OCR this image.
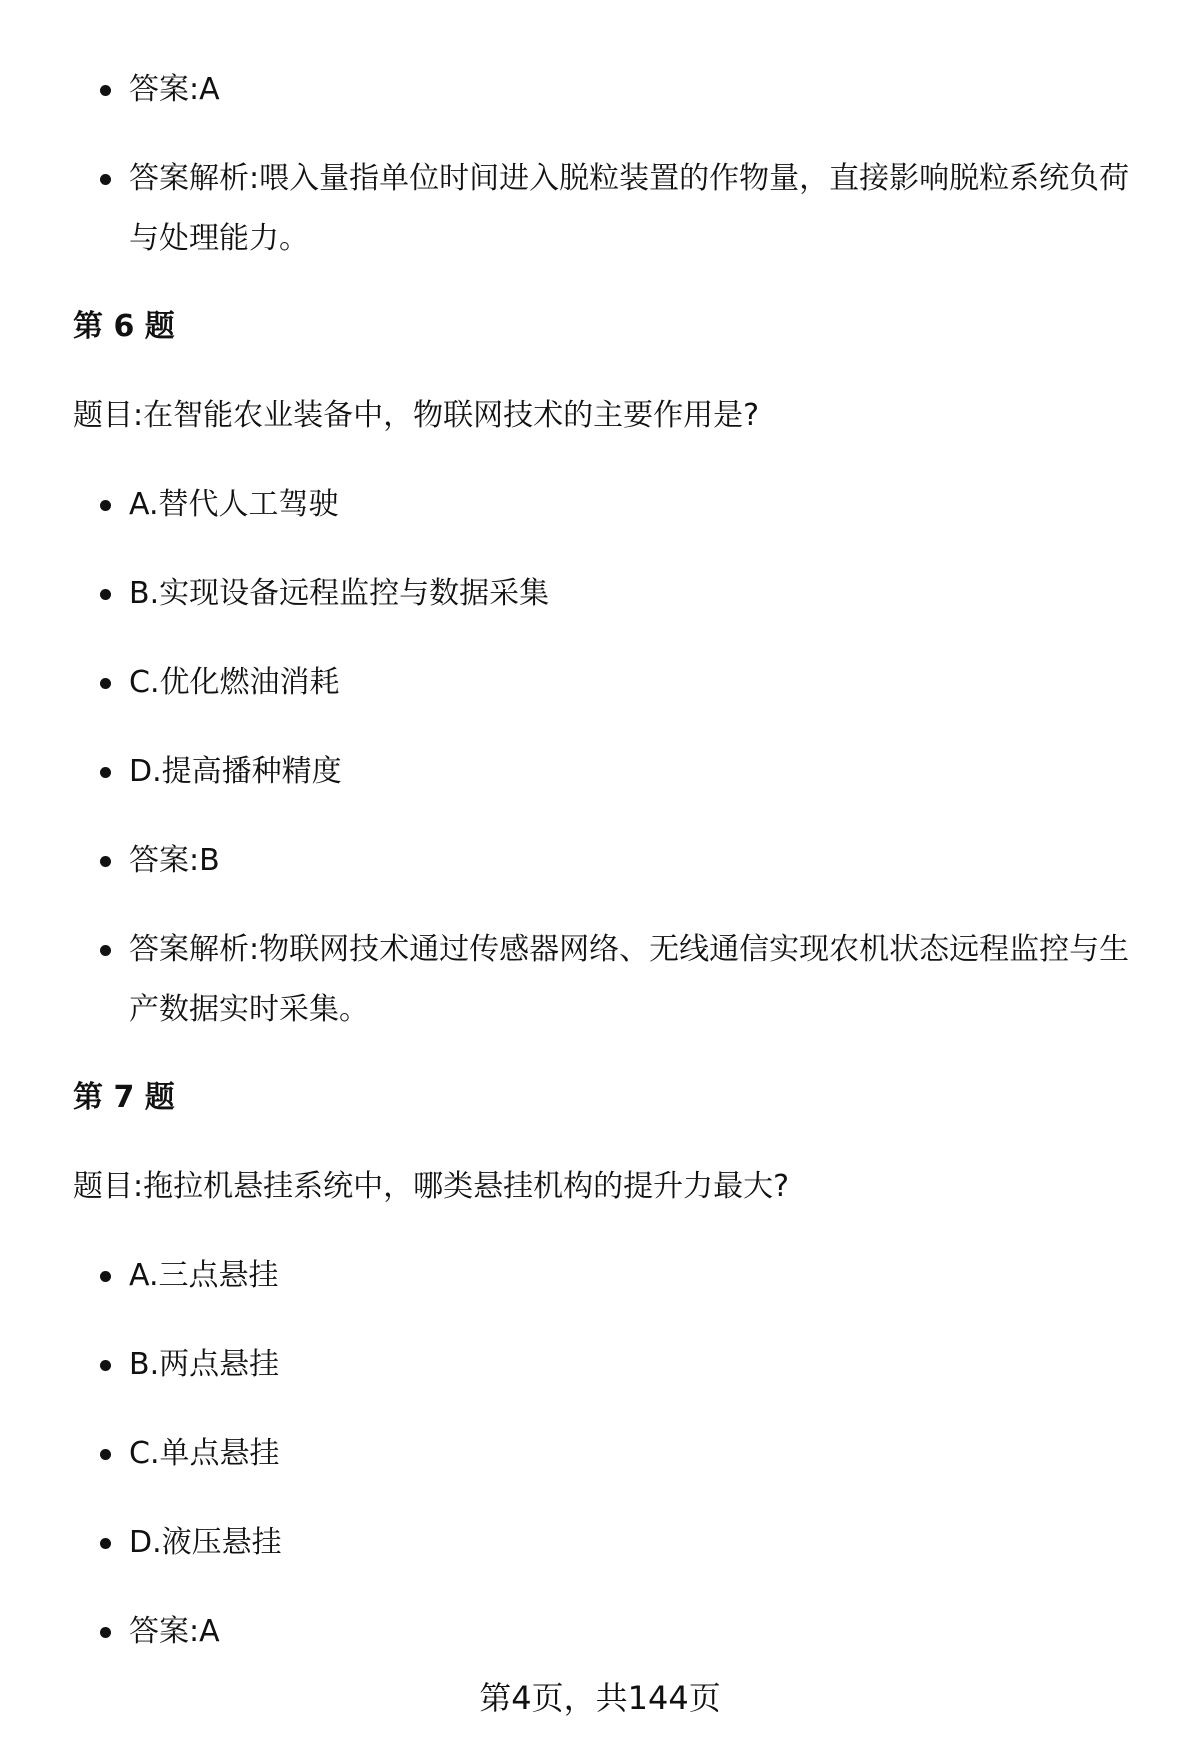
答案:A
答案解析:喂入量指单位时间进入脱粒装置的作物量，直接影响脱粒系统负荷与处理能力。
第 6 题
题目:在智能农业装备中，物联网技术的主要作用是?
A.替代人工驾驶
B.实现设备远程监控与数据采集
C.优化燃油消耗
D.提高播种精度
答案:B
答案解析:物联网技术通过传感器网络、无线通信实现农机状态远程监控与生产数据实时采集。
第 7 题
题目:拖拉机悬挂系统中，哪类悬挂机构的提升力最大?
A.三点悬挂
B.两点悬挂
C.单点悬挂
D.液压悬挂
答案:A
第4页，共144页
